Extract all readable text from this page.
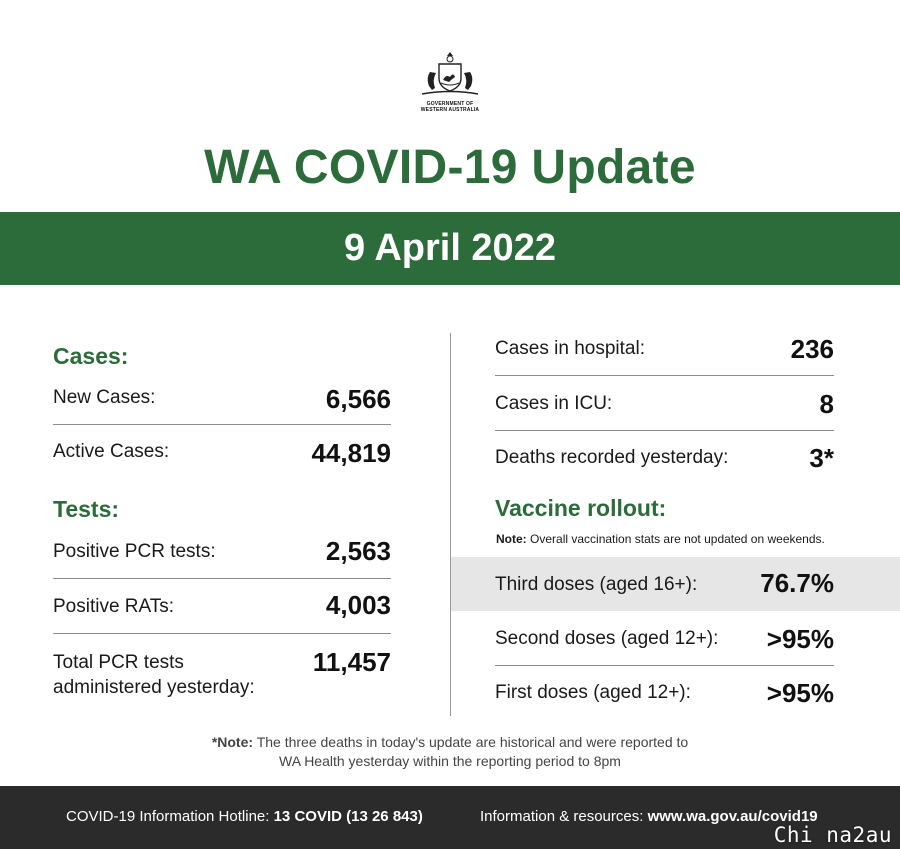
GOVERNMENT OF
WESTERN AUSTRALIA
WA COVID-19 Update
9 April 2022
Cases:
New Cases:	6,566
Active Cases:	44,819
Tests:
Positive PCR tests:	2,563
Positive RATs:	4,003
Total PCR tests
administered yesterday:
11,457
Cases in hospital:	236
Cases in ICU:	8
Deaths recorded yesterday:	3*
Vaccine rollout:
Note: Overall vaccination stats are not updated on weekends.
Third doses (aged 16+): 76.7%
Second doses (aged 12+): >95%
First doses (aged 12+):	>95%
*Note: The three deaths in today's update are historical and were reported to
WA Health yesterday within the reporting period to 8pm
COVID-19 Information Hotline: 13 COVID (13 26 843)	Information & resources: www.wa.gov.au/covid19
Chi na2au
